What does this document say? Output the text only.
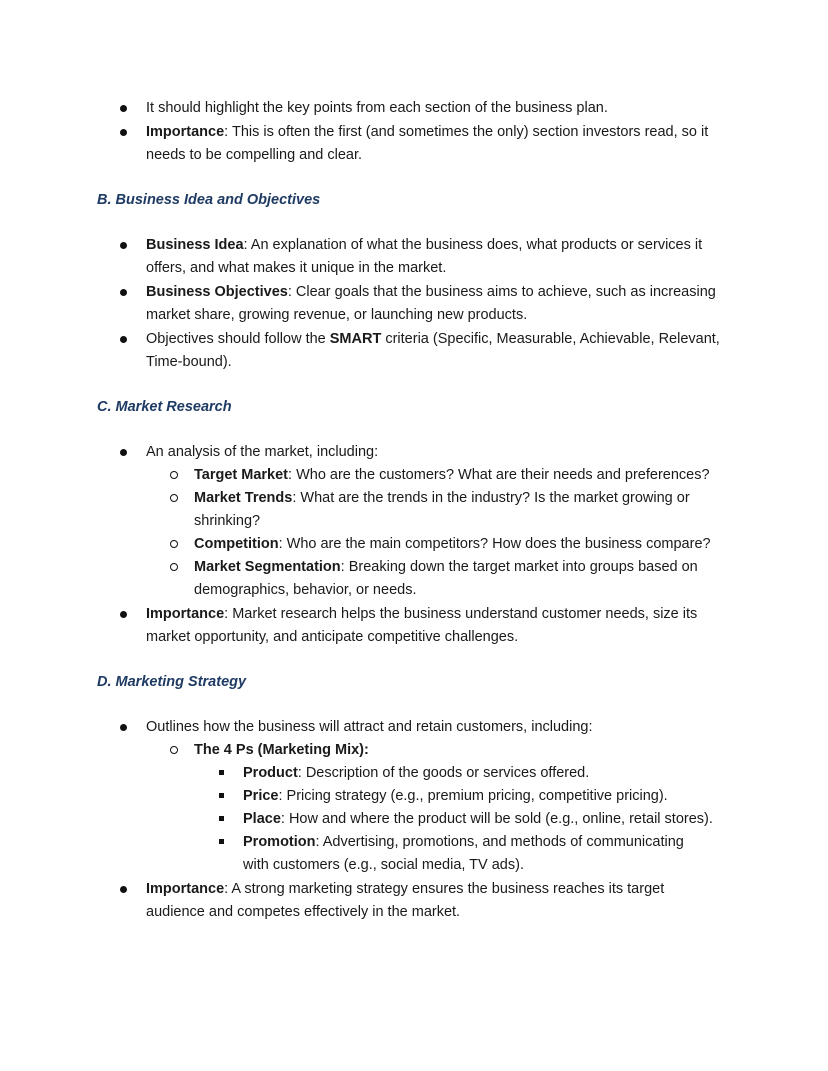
It should highlight the key points from each section of the business plan.
Importance: This is often the first (and sometimes the only) section investors read, so it needs to be compelling and clear.
B. Business Idea and Objectives
Business Idea: An explanation of what the business does, what products or services it offers, and what makes it unique in the market.
Business Objectives: Clear goals that the business aims to achieve, such as increasing market share, growing revenue, or launching new products.
Objectives should follow the SMART criteria (Specific, Measurable, Achievable, Relevant, Time-bound).
C. Market Research
An analysis of the market, including:
Target Market: Who are the customers? What are their needs and preferences?
Market Trends: What are the trends in the industry? Is the market growing or shrinking?
Competition: Who are the main competitors? How does the business compare?
Market Segmentation: Breaking down the target market into groups based on demographics, behavior, or needs.
Importance: Market research helps the business understand customer needs, size its market opportunity, and anticipate competitive challenges.
D. Marketing Strategy
Outlines how the business will attract and retain customers, including:
The 4 Ps (Marketing Mix):
Product: Description of the goods or services offered.
Price: Pricing strategy (e.g., premium pricing, competitive pricing).
Place: How and where the product will be sold (e.g., online, retail stores).
Promotion: Advertising, promotions, and methods of communicating with customers (e.g., social media, TV ads).
Importance: A strong marketing strategy ensures the business reaches its target audience and competes effectively in the market.
